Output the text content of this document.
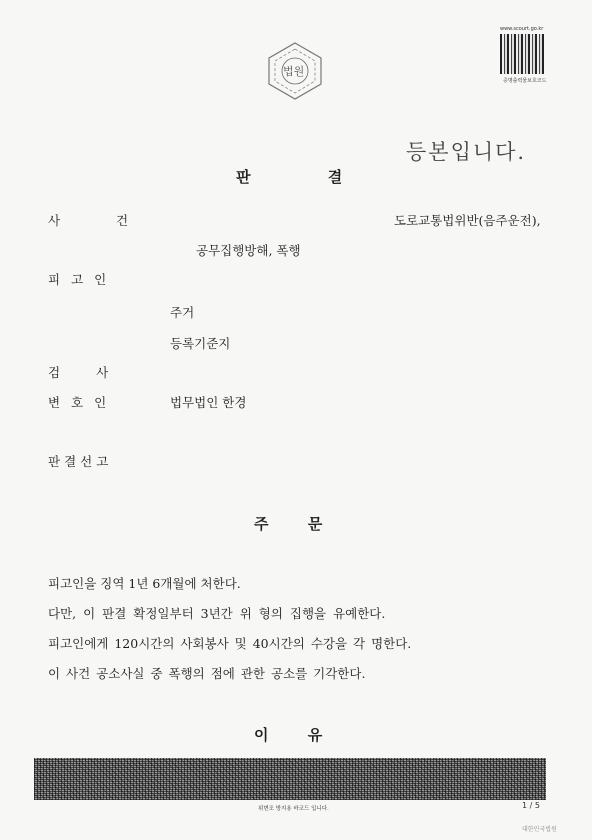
법원
www.scourt.go.kr
증명출력물보호코드
등본입니다.
판 결
사 건	도로교통법위반(음주운전),
공무집행방해, 폭행
피고인
주거
등록기준지
검사
변호인	법무법인 한경
판결선고
주 문
피고인을 징역 1년 6개월에 처한다.
다만, 이 판결 확정일부터 3년간 위 형의 집행을 유예한다.
피고인에게 120시간의 사회봉사 및 40시간의 수강을 각 명한다.
이 사건 공소사실 중 폭행의 점에 관한 공소를 기각한다.
이 유
위변조 방지용 바코드 입니다.	1 / 5
대한민국법원
